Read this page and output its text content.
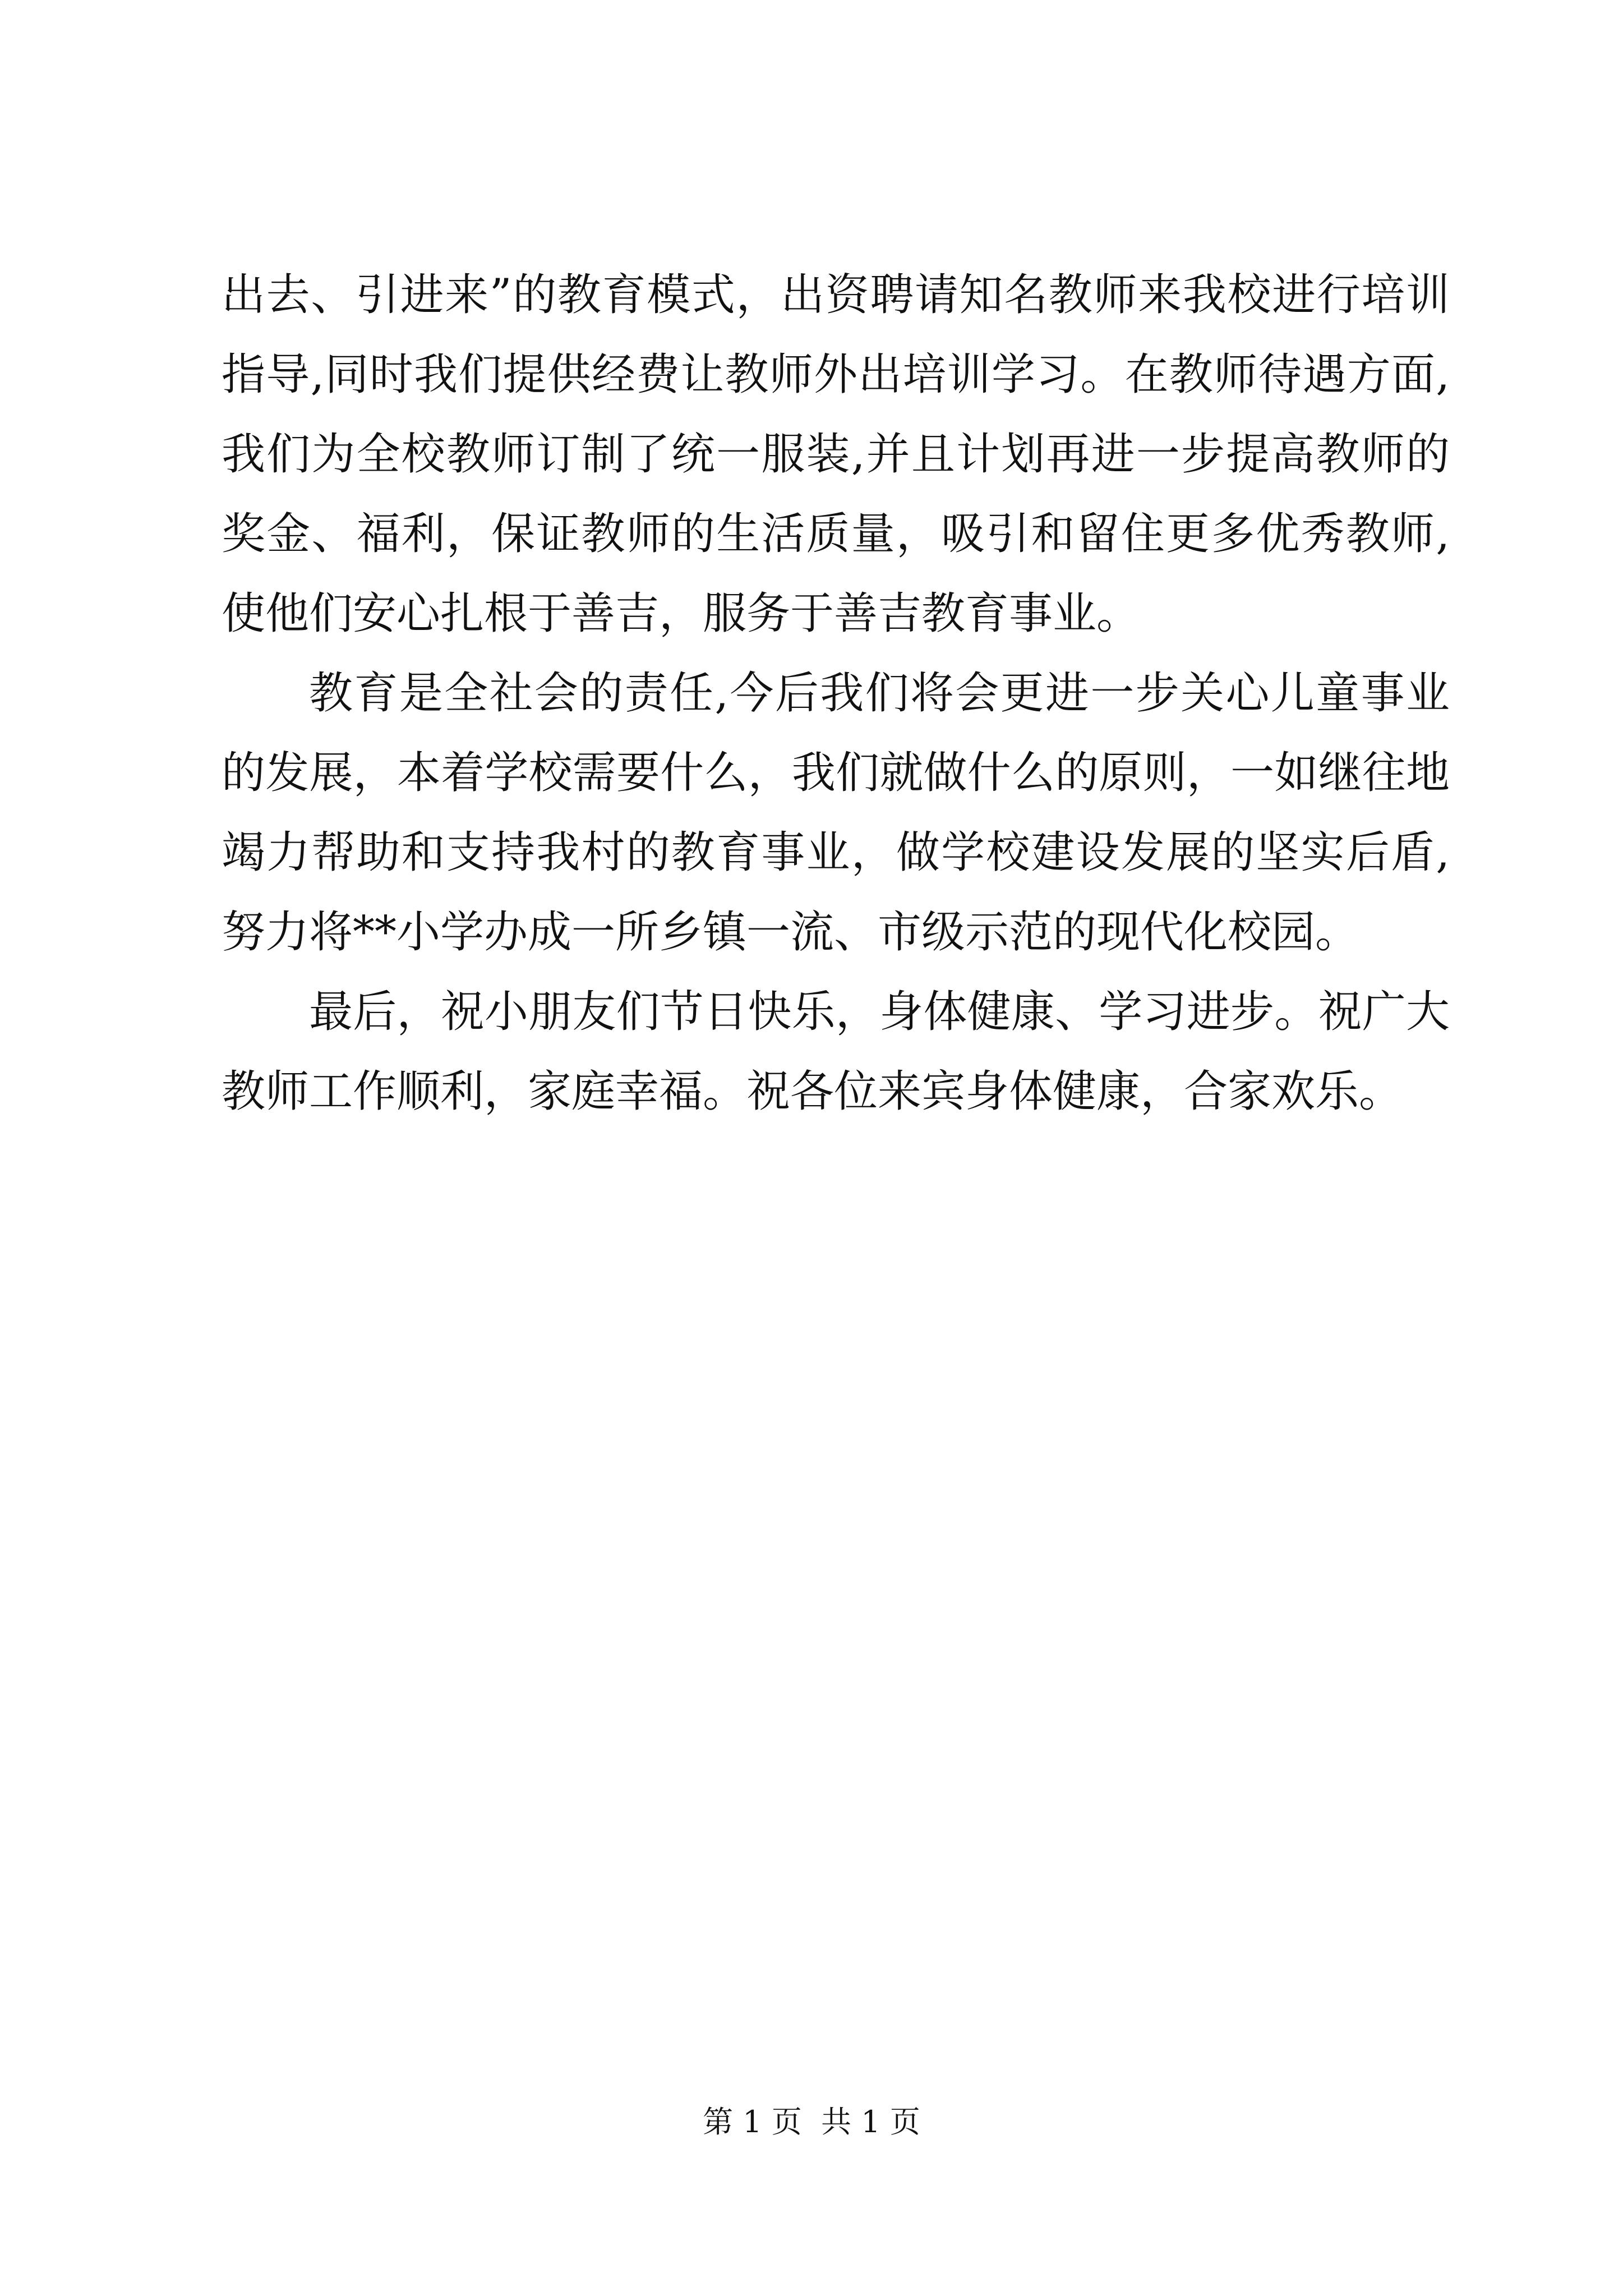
出去、引进来”的教育模式，出资聘请知名教师来我校进行培训
指导,同时我们提供经费让教师外出培训学习。在教师待遇方面,
我们为全校教师订制了统一服装,并且计划再进一步提高教师的
奖金、福利，保证教师的生活质量，吸引和留住更多优秀教师,
使他们安心扎根于善吉，服务于善吉教育事业。
教育是全社会的责任,今后我们将会更进一步关心儿童事业
的发展，本着学校需要什么，我们就做什么的原则，一如继往地
竭力帮助和支持我村的教育事业，做学校建设发展的坚实后盾,
努力将**小学办成一所乡镇一流、市级示范的现代化校园。
最后，祝小朋友们节日快乐，身体健康、学习进步。祝广大
教师工作顺利，家庭幸福。祝各位来宾身体健康，合家欢乐。
第 1 页  共 1 页
